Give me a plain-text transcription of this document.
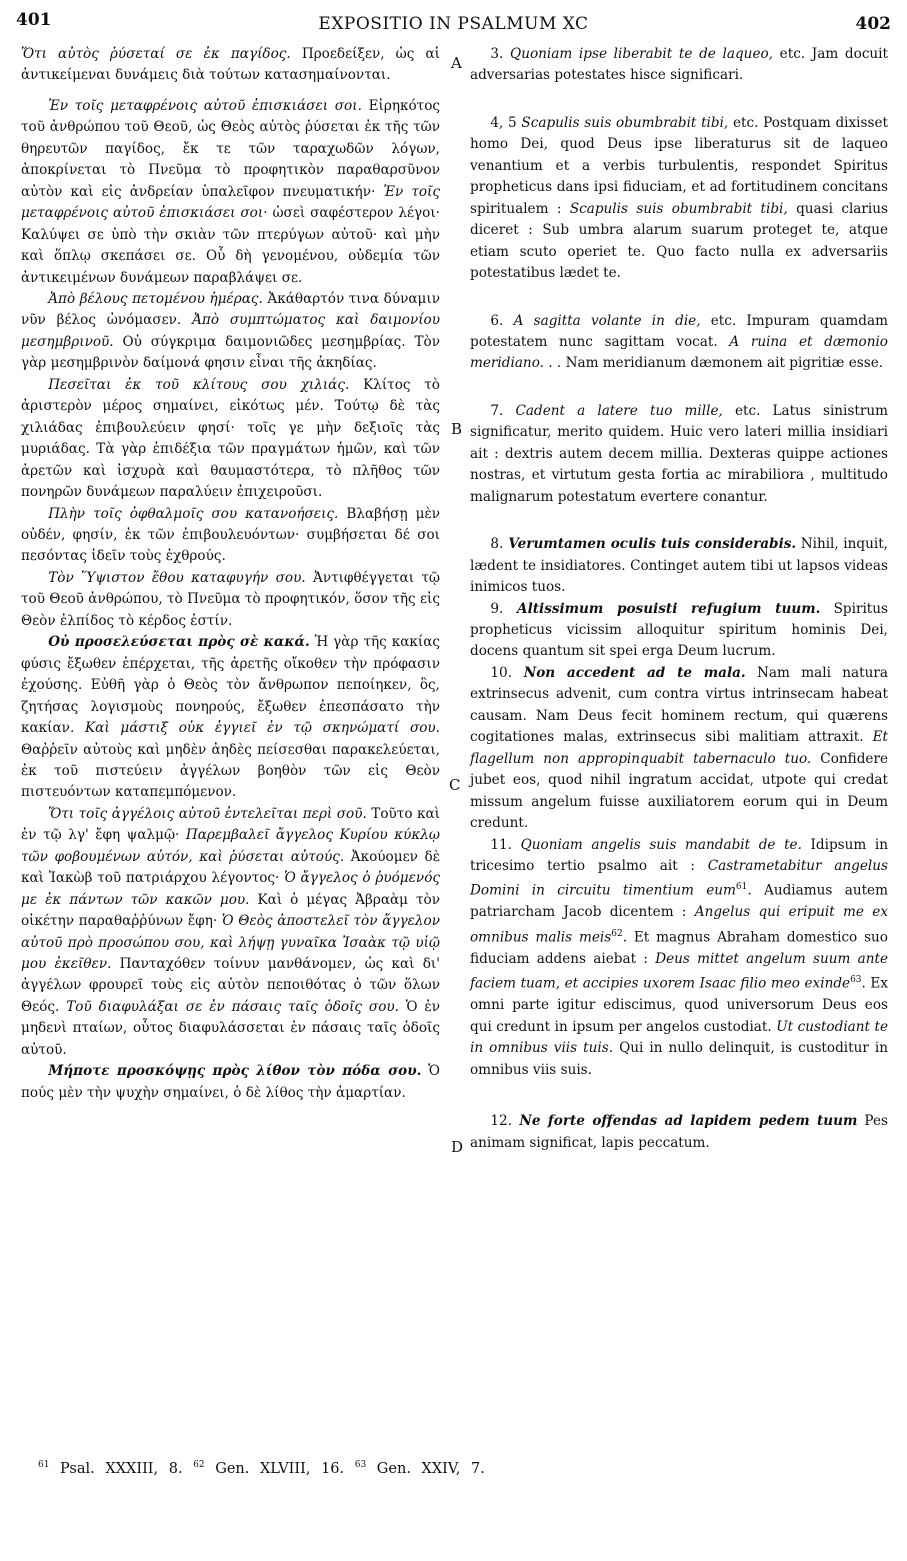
401	EXPOSITIO IN PSALMUM XC	402
A
B
C
D

Ὅτι αὐτὸς ῥύσεταί σε ἐκ παγίδος. Προεδείξεν, ὡς αἱ ἀντικείμεναι δυνάμεις διὰ τούτων κατασημαίνονται.

Ἐν τοῖς μεταφρένοις αὐτοῦ ἐπισκιάσει σοι. Εἰρηκότος τοῦ ἀνθρώπου τοῦ Θεοῦ, ὡς Θεὸς αὐτὸς ῥύσεται ἐκ τῆς τῶν θηρευτῶν παγίδος, ἔκ τε τῶν ταραχωδῶν λόγων, ἀποκρίνεται τὸ Πνεῦμα τὸ προφητικὸν παραθαρσῦνον αὐτὸν καὶ εἰς ἀνδρείαν ὑπαλεῖφον πνευματικήν· Ἐν τοῖς μεταφρένοις αὐτοῦ ἐπισκιάσει σοι· ὡσεὶ σαφέστερον λέγοι· Καλύψει σε ὑπὸ τὴν σκιὰν τῶν πτερύγων αὐτοῦ· καὶ μὴν καὶ ὅπλῳ σκεπάσει σε. Οὗ δὴ γενομένου, οὐδεμία τῶν ἀντικειμένων δυνάμεων παραβλάψει σε.

Ἀπὸ βέλους πετομένου ἡμέρας. Ἀκάθαρτόν τινα δύναμιν νῦν βέλος ὠνόμασεν. Ἀπὸ συμπτώματος καὶ δαιμονίου μεσημβρινοῦ. Οὐ σύγκριμα δαιμονιῶδες μεσημβρίας. Τὸν γὰρ μεσημβρινὸν δαίμονά φησιν εἶναι τῆς ἀκηδίας.

Πεσεῖται ἐκ τοῦ κλίτους σου χιλιάς. Κλίτος τὸ ἀριστερὸν μέρος σημαίνει, εἰκότως μέν. Τούτῳ δὲ τὰς χιλιάδας ἐπιβουλεύειν φησί· τοῖς γε μὴν δεξιοῖς τὰς μυριάδας. Τὰ γὰρ ἐπιδέξια τῶν πραγμάτων ἡμῶν, καὶ τῶν ἀρετῶν καὶ ἰσχυρὰ καὶ θαυμαστότερα, τὸ πλῆθος τῶν πονηρῶν δυνάμεων παραλύειν ἐπιχειροῦσι.

Πλὴν τοῖς ὀφθαλμοῖς σου κατανοήσεις. Βλαβήσῃ μὲν οὐδέν, φησίν, ἐκ τῶν ἐπιβουλευόντων· συμβήσεται δέ σοι πεσόντας ἰδεῖν τοὺς ἐχθρούς.

Τὸν Ὕψιστον ἔθου καταφυγήν σου. Ἀντιφθέγγεται τῷ τοῦ Θεοῦ ἀνθρώπου, τὸ Πνεῦμα τὸ προφητικόν, ὅσον τῆς εἰς Θεὸν ἐλπίδος τὸ κέρδος ἐστίν.

Οὐ προσελεύσεται πρὸς σὲ κακά. Ἡ γὰρ τῆς κακίας φύσις ἔξωθεν ἐπέρχεται, τῆς ἀρετῆς οἴκοθεν τὴν πρόφασιν ἐχούσης. Εὐθῆ γὰρ ὁ Θεὸς τὸν ἄνθρωπον πεποίηκεν, ὃς, ζητήσας λογισμοὺς πονηρούς, ἔξωθεν ἐπεσπάσατο τὴν κακίαν. Καὶ μάστιξ οὐκ ἐγγιεῖ ἐν τῷ σκηνώματί σου. Θαῤῥεῖν αὐτοὺς καὶ μηδὲν ἀηδὲς πείσεσθαι παρακελεύεται, ἐκ τοῦ πιστεύειν ἀγγέλων βοηθὸν τῶν εἰς Θεὸν πιστευόντων καταπεμπόμενον.

Ὅτι τοῖς ἀγγέλοις αὐτοῦ ἐντελεῖται περὶ σοῦ. Τοῦτο καὶ ἐν τῷ λγ' ἔφη ψαλμῷ· Παρεμβαλεῖ ἄγγελος Κυρίου κύκλῳ τῶν φοβουμένων αὐτόν, καὶ ῥύσεται αὐτούς. Ἀκούομεν δὲ καὶ Ἰακὼβ τοῦ πατριάρχου λέγοντος· Ὁ ἄγγελος ὁ ῥυόμενός με ἐκ πάντων τῶν κακῶν μου. Καὶ ὁ μέγας Ἀβραὰμ τὸν οἰκέτην παραθαῤῥύνων ἔφη· Ὁ Θεὸς ἀποστελεῖ τὸν ἄγγελον αὐτοῦ πρὸ προσώπου σου, καὶ λήψῃ γυναῖκα Ἰσαὰκ τῷ υἱῷ μου ἐκεῖθεν. Πανταχόθεν τοίνυν μανθάνομεν, ὡς καὶ δι' ἀγγέλων φρουρεῖ τοὺς εἰς αὐτὸν πεποιθότας ὁ τῶν ὅλων Θεός. Τοῦ διαφυλάξαι σε ἐν πάσαις ταῖς ὁδοῖς σου. Ὁ ἐν μηδενὶ πταίων, οὗτος διαφυλάσσεται ἐν πάσαις ταῖς ὁδοῖς αὐτοῦ.

Μήποτε προσκόψῃς πρὸς λίθον τὸν πόδα σου. Ὁ πούς μὲν τὴν ψυχὴν σημαίνει, ὁ δὲ λίθος τὴν ἁμαρτίαν.

3. Quoniam ipse liberabit te de laqueo, etc. Jam docuit adversarias potestates hisce significari.

4, 5 Scapulis suis obumbrabit tibi, etc. Postquam dixisset homo Dei, quod Deus ipse liberaturus sit de laqueo venantium et a verbis turbulentis, respondet Spiritus propheticus dans ipsi fiduciam, et ad fortitudinem concitans spiritualem : Scapulis suis obumbrabit tibi, quasi clarius diceret : Sub umbra alarum suarum proteget te, atque etiam scuto operiet te. Quo facto nulla ex adversariis potestatibus lædet te.

6. A sagitta volante in die, etc. Impuram quamdam potestatem nunc sagittam vocat. A ruina et dæmonio meridiano. . . Nam meridianum dæmonem ait pigritiæ esse.

7. Cadent a latere tuo mille, etc. Latus sinistrum significatur, merito quidem. Huic vero lateri millia insidiari ait : dextris autem decem millia. Dexteras quippe actiones nostras, et virtutum gesta fortia ac mirabiliora , multitudo malignarum potestatum evertere conantur.

8. Verumtamen oculis tuis considerabis. Nihil, inquit, lædent te insidiatores. Continget autem tibi ut lapsos videas inimicos tuos.

9. Altissimum posuisti refugium tuum. Spiritus propheticus vicissim alloquitur spiritum hominis Dei, docens quantum sit spei erga Deum lucrum.

10. Non accedent ad te mala. Nam mali natura extrinsecus advenit, cum contra virtus intrinsecam habeat causam. Nam Deus fecit hominem rectum, qui quærens cogitationes malas, extrinsecus sibi malitiam attraxit. Et flagellum non appropinquabit tabernaculo tuo. Confidere jubet eos, quod nihil ingratum accidat, utpote qui credat missum angelum fuisse auxiliatorem eorum qui in Deum credunt.

11. Quoniam angelis suis mandabit de te. Idipsum in tricesimo tertio psalmo ait : Castrametabitur angelus Domini in circuitu timentium eum$^{61}$. Audiamus autem patriarcham Jacob dicentem : Angelus qui eripuit me ex omnibus malis meis$^{62}$. Et magnus Abraham domestico suo fiduciam addens aiebat : Deus mittet angelum suum ante faciem tuam, et accipies uxorem Isaac filio meo exinde$^{63}$. Ex omni parte igitur ediscimus, quod universorum Deus eos qui credunt in ipsum per angelos custodiat. Ut custodiant te in omnibus viis tuis. Qui in nullo delinquit, is custoditur in omnibus viis suis.

12. Ne forte offendas ad lapidem pedem tuum Pes animam significat, lapis peccatum.

$^{61}$ Psal. XXXIII, 8. $^{62}$ Gen. XLVIII, 16. $^{63}$ Gen. XXIV, 7.
